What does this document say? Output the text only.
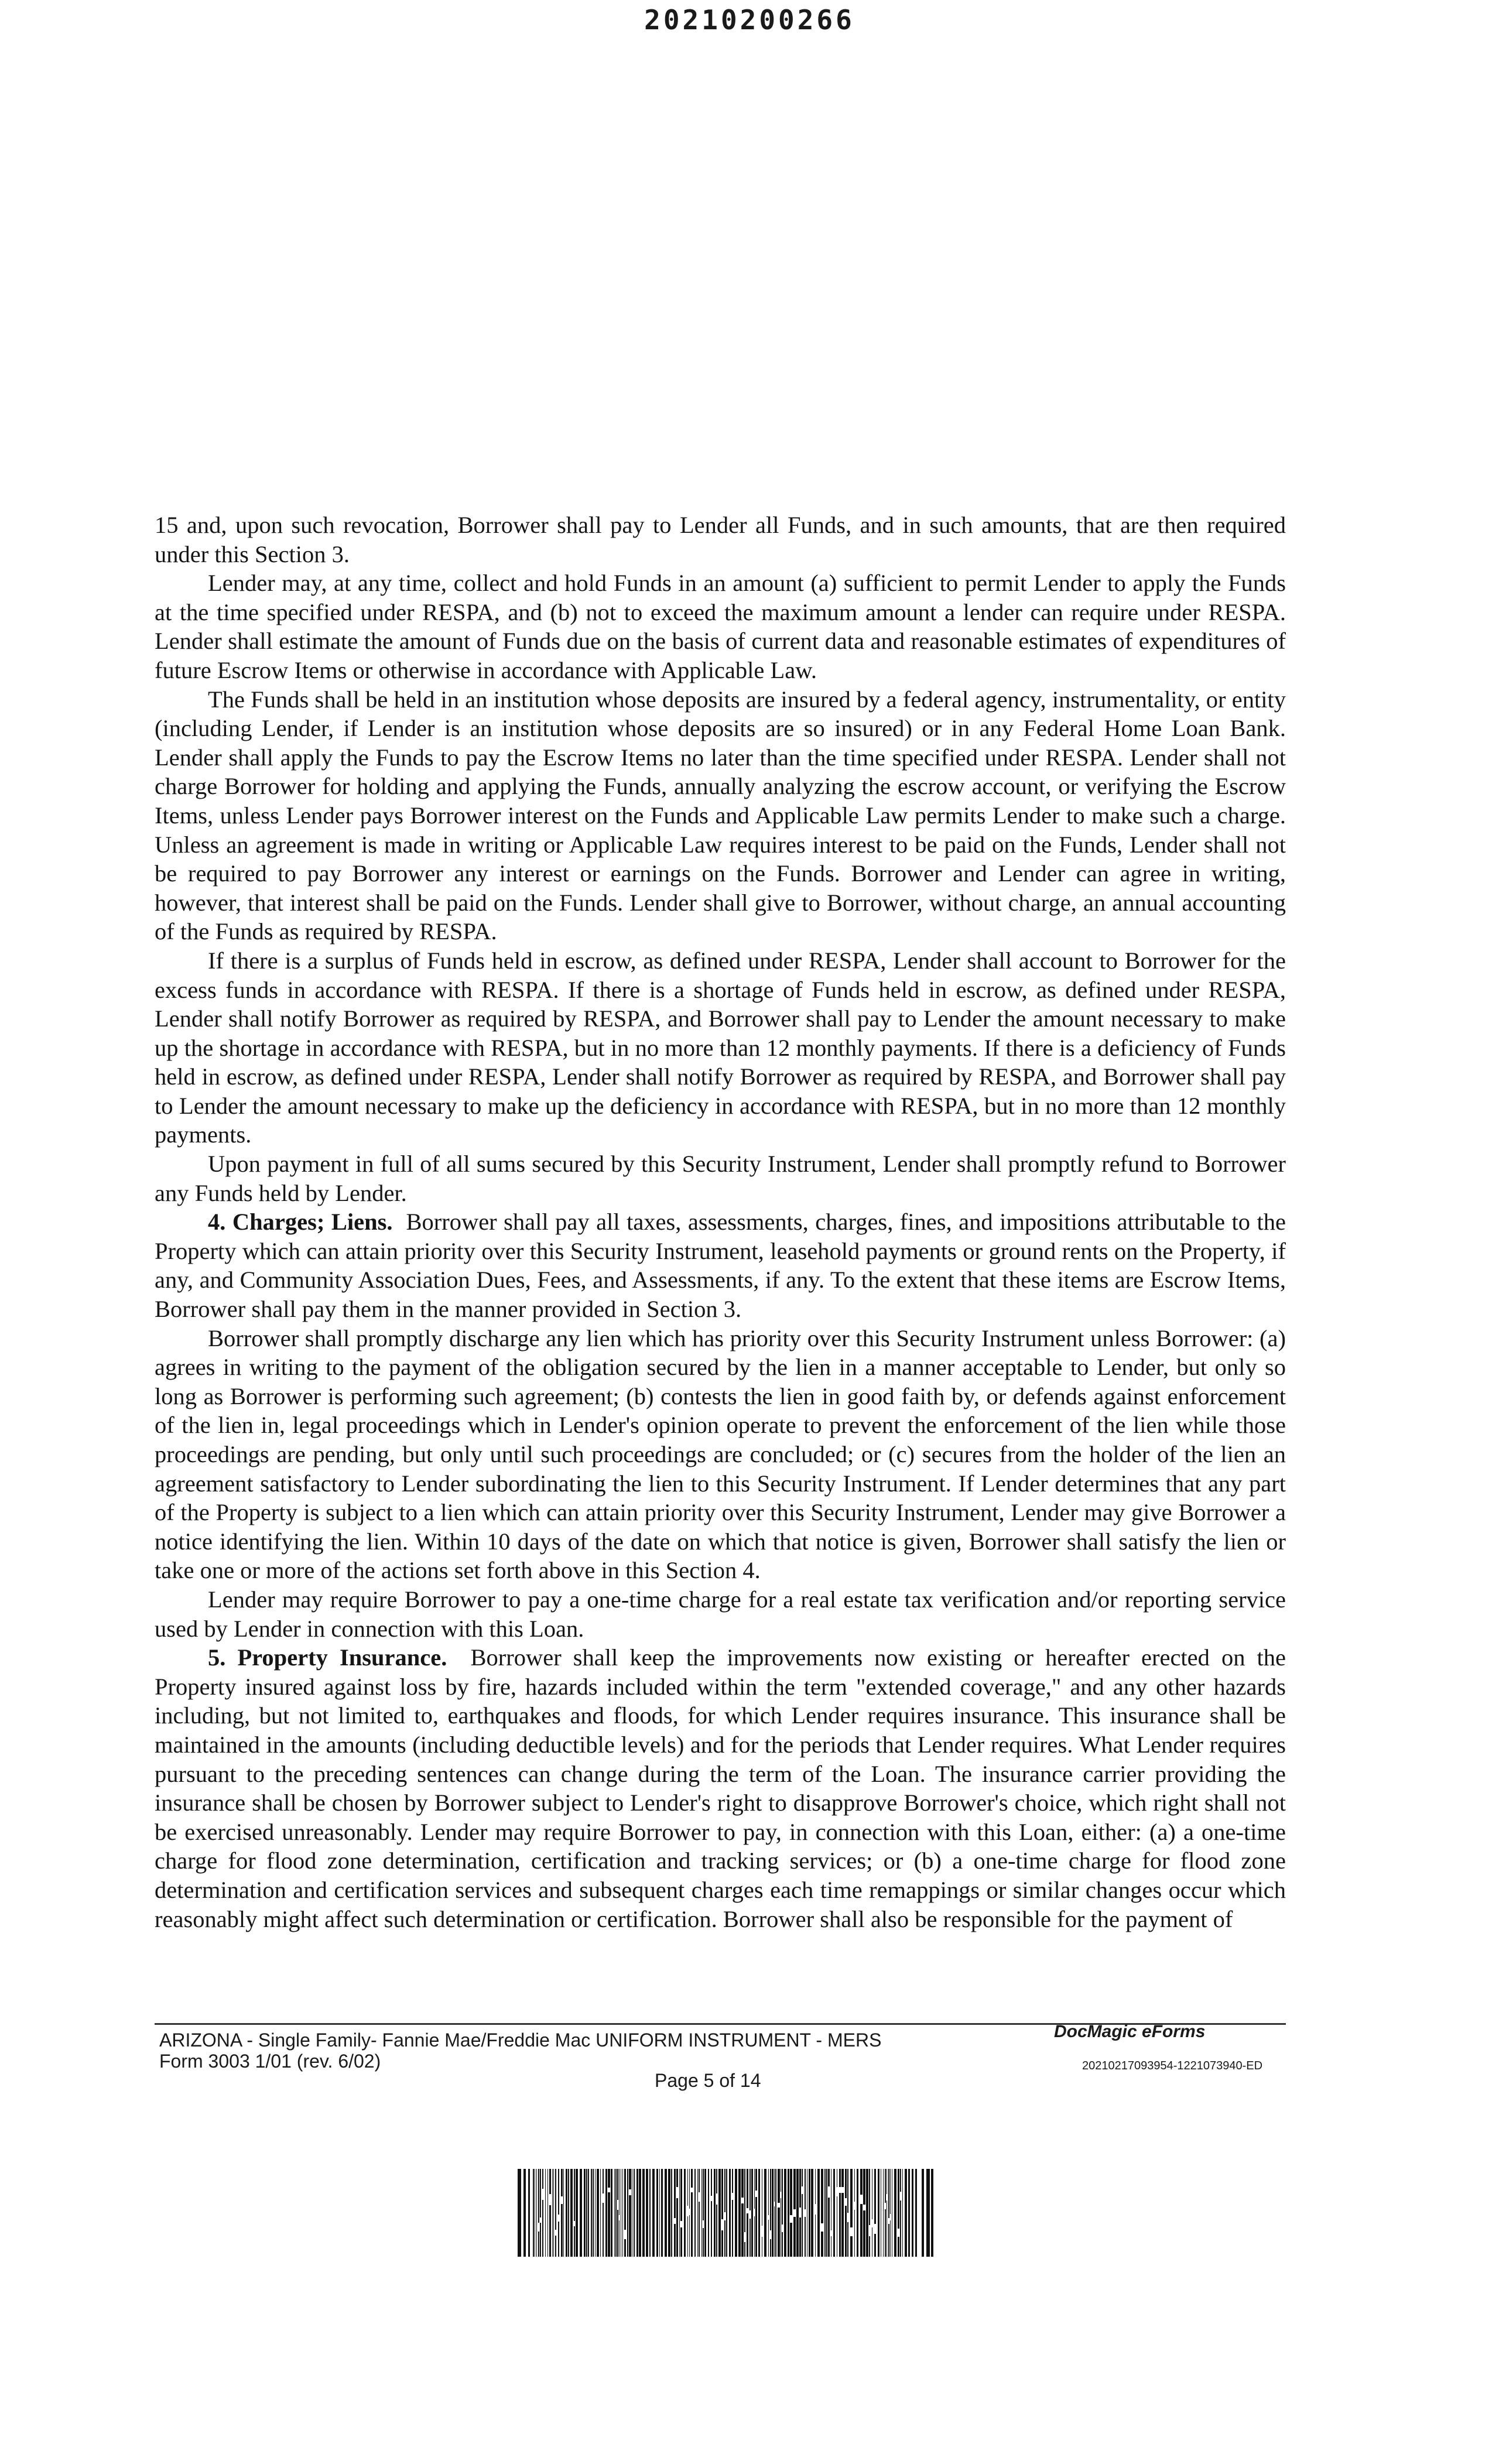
20210200266

15 and, upon such revocation, Borrower shall pay to Lender all Funds, and in such amounts, that are then required under this Section 3.

Lender may, at any time, collect and hold Funds in an amount (a) sufficient to permit Lender to apply the Funds at the time specified under RESPA, and (b) not to exceed the maximum amount a lender can require under RESPA. Lender shall estimate the amount of Funds due on the basis of current data and reasonable estimates of expenditures of future Escrow Items or otherwise in accordance with Applicable Law.

The Funds shall be held in an institution whose deposits are insured by a federal agency, instrumentality, or entity (including Lender, if Lender is an institution whose deposits are so insured) or in any Federal Home Loan Bank. Lender shall apply the Funds to pay the Escrow Items no later than the time specified under RESPA. Lender shall not charge Borrower for holding and applying the Funds, annually analyzing the escrow account, or verifying the Escrow Items, unless Lender pays Borrower interest on the Funds and Applicable Law permits Lender to make such a charge. Unless an agreement is made in writing or Applicable Law requires interest to be paid on the Funds, Lender shall not be required to pay Borrower any interest or earnings on the Funds. Borrower and Lender can agree in writing, however, that interest shall be paid on the Funds. Lender shall give to Borrower, without charge, an annual accounting of the Funds as required by RESPA.

If there is a surplus of Funds held in escrow, as defined under RESPA, Lender shall account to Borrower for the excess funds in accordance with RESPA. If there is a shortage of Funds held in escrow, as defined under RESPA, Lender shall notify Borrower as required by RESPA, and Borrower shall pay to Lender the amount necessary to make up the shortage in accordance with RESPA, but in no more than 12 monthly payments. If there is a deficiency of Funds held in escrow, as defined under RESPA, Lender shall notify Borrower as required by RESPA, and Borrower shall pay to Lender the amount necessary to make up the deficiency in accordance with RESPA, but in no more than 12 monthly payments.

Upon payment in full of all sums secured by this Security Instrument, Lender shall promptly refund to Borrower any Funds held by Lender.

4. Charges; Liens. Borrower shall pay all taxes, assessments, charges, fines, and impositions attributable to the Property which can attain priority over this Security Instrument, leasehold payments or ground rents on the Property, if any, and Community Association Dues, Fees, and Assessments, if any. To the extent that these items are Escrow Items, Borrower shall pay them in the manner provided in Section 3.

Borrower shall promptly discharge any lien which has priority over this Security Instrument unless Borrower: (a) agrees in writing to the payment of the obligation secured by the lien in a manner acceptable to Lender, but only so long as Borrower is performing such agreement; (b) contests the lien in good faith by, or defends against enforcement of the lien in, legal proceedings which in Lender's opinion operate to prevent the enforcement of the lien while those proceedings are pending, but only until such proceedings are concluded; or (c) secures from the holder of the lien an agreement satisfactory to Lender subordinating the lien to this Security Instrument. If Lender determines that any part of the Property is subject to a lien which can attain priority over this Security Instrument, Lender may give Borrower a notice identifying the lien. Within 10 days of the date on which that notice is given, Borrower shall satisfy the lien or take one or more of the actions set forth above in this Section 4.

Lender may require Borrower to pay a one-time charge for a real estate tax verification and/or reporting service used by Lender in connection with this Loan.

5. Property Insurance. Borrower shall keep the improvements now existing or hereafter erected on the Property insured against loss by fire, hazards included within the term "extended coverage," and any other hazards including, but not limited to, earthquakes and floods, for which Lender requires insurance. This insurance shall be maintained in the amounts (including deductible levels) and for the periods that Lender requires. What Lender requires pursuant to the preceding sentences can change during the term of the Loan. The insurance carrier providing the insurance shall be chosen by Borrower subject to Lender's right to disapprove Borrower's choice, which right shall not be exercised unreasonably. Lender may require Borrower to pay, in connection with this Loan, either: (a) a one-time charge for flood zone determination, certification and tracking services; or (b) a one-time charge for flood zone determination and certification services and subsequent charges each time remappings or similar changes occur which reasonably might affect such determination or certification. Borrower shall also be responsible for the payment of

ARIZONA - Single Family- Fannie Mae/Freddie Mac UNIFORM INSTRUMENT - MERS
Form 3003 1/01 (rev. 6/02)
DocMagic eForms
20210217093954-1221073940-ED
Page 5 of 14
